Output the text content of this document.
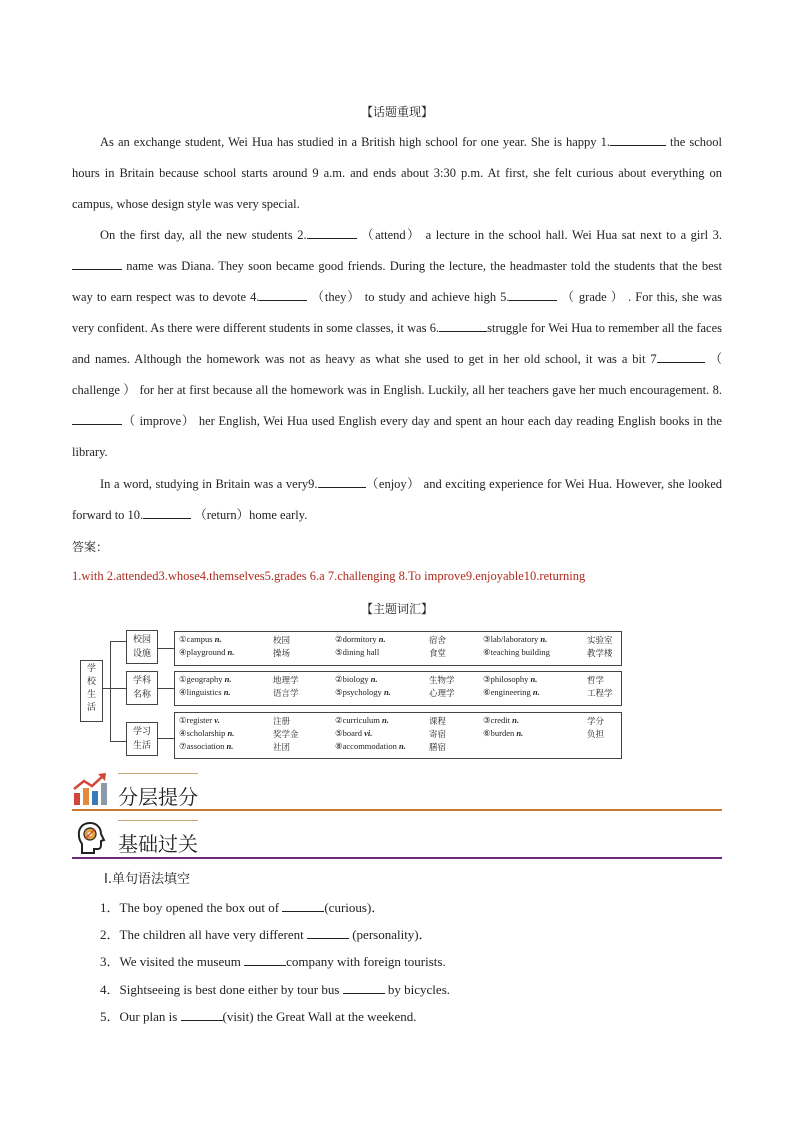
【话题重现】

As an exchange student, Wei Hua has studied in a British high school for one year. She is happy 1.	the school hours in Britain because school starts around 9 a.m. and ends about 3:30 p.m. At first, she felt curious about everything on campus, whose design style was very special.

On the first day, all the new students 2.	（attend） a lecture in the school hall. Wei Hua sat next to a girl 3. name was Diana. They soon became good friends. During the lecture, the headmaster told the students that the best way to earn respect was to devote 4.	（they） to study and achieve high 5.	（ grade ） . For this, she was very confident. As there were different students in some classes, it was 6.	struggle for Wei Hua to remember all the faces and names. Although the homework was not as heavy as what she used to get in her old school, it was a bit 7	（ challenge ） for her at first because all the homework was in English. Luckily, all her teachers gave her much encouragement. 8.（ improve） her English, Wei Hua used English every day and spent an hour each day reading English books in the library.

In a word, studying in Britain was a very9.	（enjoy） and exciting experience for Wei Hua. However, she looked forward to 10.	（return）home early.

答案：
1.with 2.attended3.whose4.themselves5.grades 6.a 7.challenging 8.To improve9.enjoyable10.returning
【主题词汇】
学
校
生
活
校园
设施
①campus n.	校园	②dormitory n.	宿舍	③lab/laboratory n.	实验室
④playground n.	操场	⑤dining hall	食堂	⑥teaching building	教学楼
学科
名称
①geography n.	地理学	②biology n.	生物学	③philosophy n.	哲学
④linguistics n.	语言学	⑤psychology n.	心理学	⑥engineering n.	工程学
学习
生活
①register v.	注册	②curriculum n.	课程	③credit n.	学分
④scholarship n.	奖学金	⑤board vi.	寄宿	⑥burden n.	负担
⑦association n.	社团	⑧accommodation n.	膳宿
分层提分
基础过关
Ⅰ.单句语法填空
1．The boy opened the box out of	(curious)．
2．The children all have very different	(personality)．
3．We visited the museum	company with foreign tourists.
4．Sightseeing is best done either by tour bus	by bicycles.
5．Our plan is	(visit) the Great Wall at the weekend.
